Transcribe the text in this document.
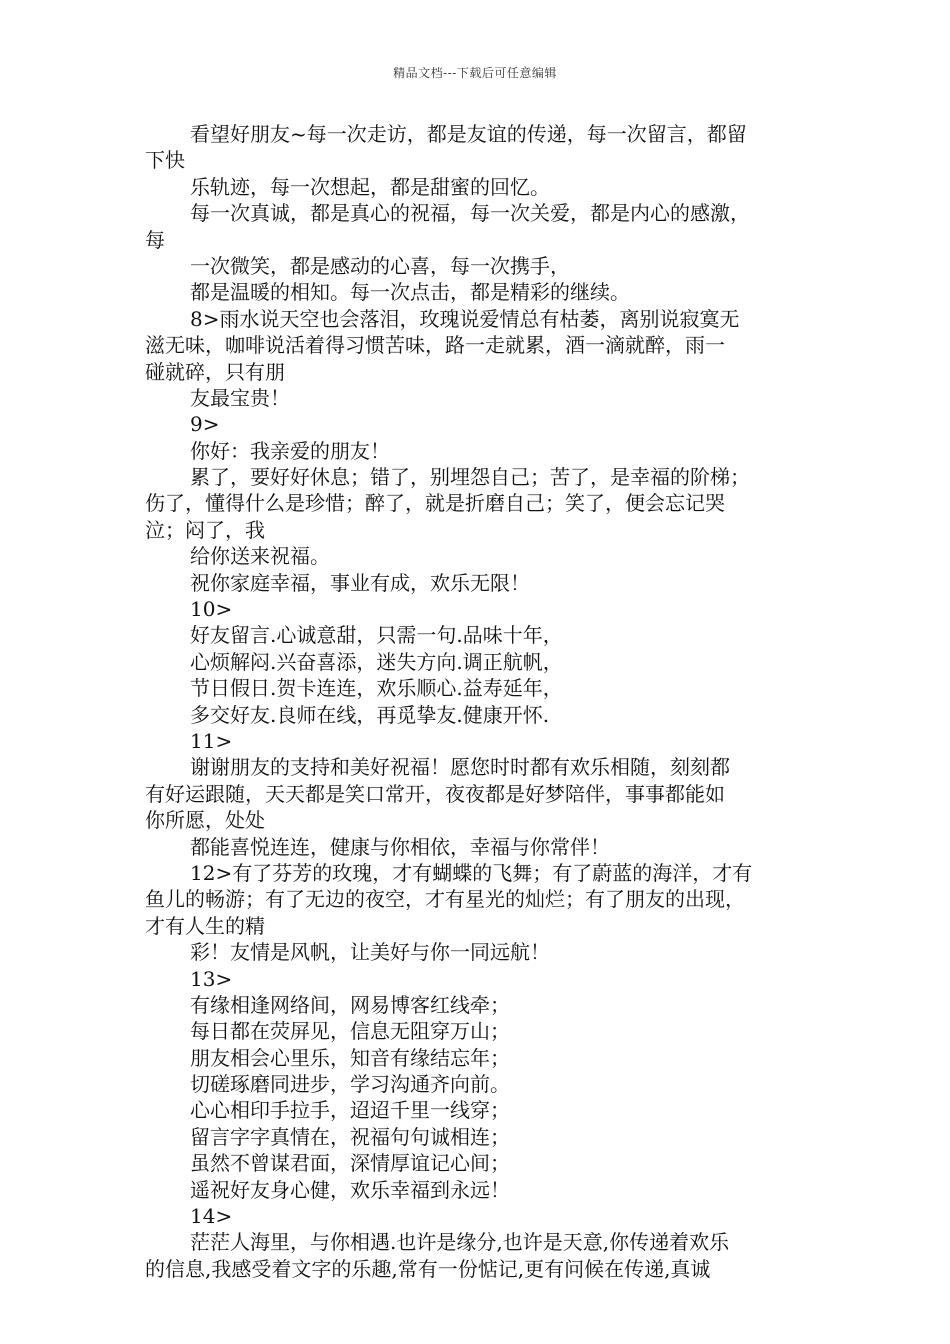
精品文档---下载后可任意编辑
看望好朋友~每一次走访，都是友谊的传递，每一次留言，都留
下快
乐轨迹，每一次想起，都是甜蜜的回忆。
每一次真诚，都是真心的祝福，每一次关爱，都是内心的感激，
每
一次微笑，都是感动的心喜，每一次携手，
都是温暖的相知。每一次点击，都是精彩的继续。
8>雨水说天空也会落泪，玫瑰说爱情总有枯萎，离别说寂寞无
滋无味，咖啡说活着得习惯苦味，路一走就累，酒一滴就醉，雨一
碰就碎，只有朋
友最宝贵！
9>
你好：我亲爱的朋友！
累了，要好好休息；错了，别埋怨自己；苦了，是幸福的阶梯；
伤了，懂得什么是珍惜；醉了，就是折磨自己；笑了，便会忘记哭
泣；闷了，我
给你送来祝福。
祝你家庭幸福，事业有成，欢乐无限！
10>
好友留言.心诚意甜，只需一句.品味十年，
心烦解闷.兴奋喜添，迷失方向.调正航帆，
节日假日.贺卡连连，欢乐顺心.益寿延年，
多交好友.良师在线，再觅挚友.健康开怀.
11>
谢谢朋友的支持和美好祝福！愿您时时都有欢乐相随，刻刻都
有好运跟随，天天都是笑口常开，夜夜都是好梦陪伴，事事都能如
你所愿，处处
都能喜悦连连，健康与你相依，幸福与你常伴！
12>有了芬芳的玫瑰，才有蝴蝶的飞舞；有了蔚蓝的海洋，才有
鱼儿的畅游；有了无边的夜空，才有星光的灿烂；有了朋友的出现，
才有人生的精
彩！友情是风帆，让美好与你一同远航！
13>
有缘相逢网络间，网易博客红线牵；
每日都在荧屏见，信息无阻穿万山；
朋友相会心里乐，知音有缘结忘年；
切磋琢磨同进步，学习沟通齐向前。
心心相印手拉手，迢迢千里一线穿；
留言字字真情在，祝福句句诚相连；
虽然不曾谋君面，深情厚谊记心间；
遥祝好友身心健，欢乐幸福到永远！
14>
茫茫人海里，与你相遇.也许是缘分,也许是天意,你传递着欢乐
的信息,我感受着文字的乐趣,常有一份惦记,更有问候在传递,真诚
